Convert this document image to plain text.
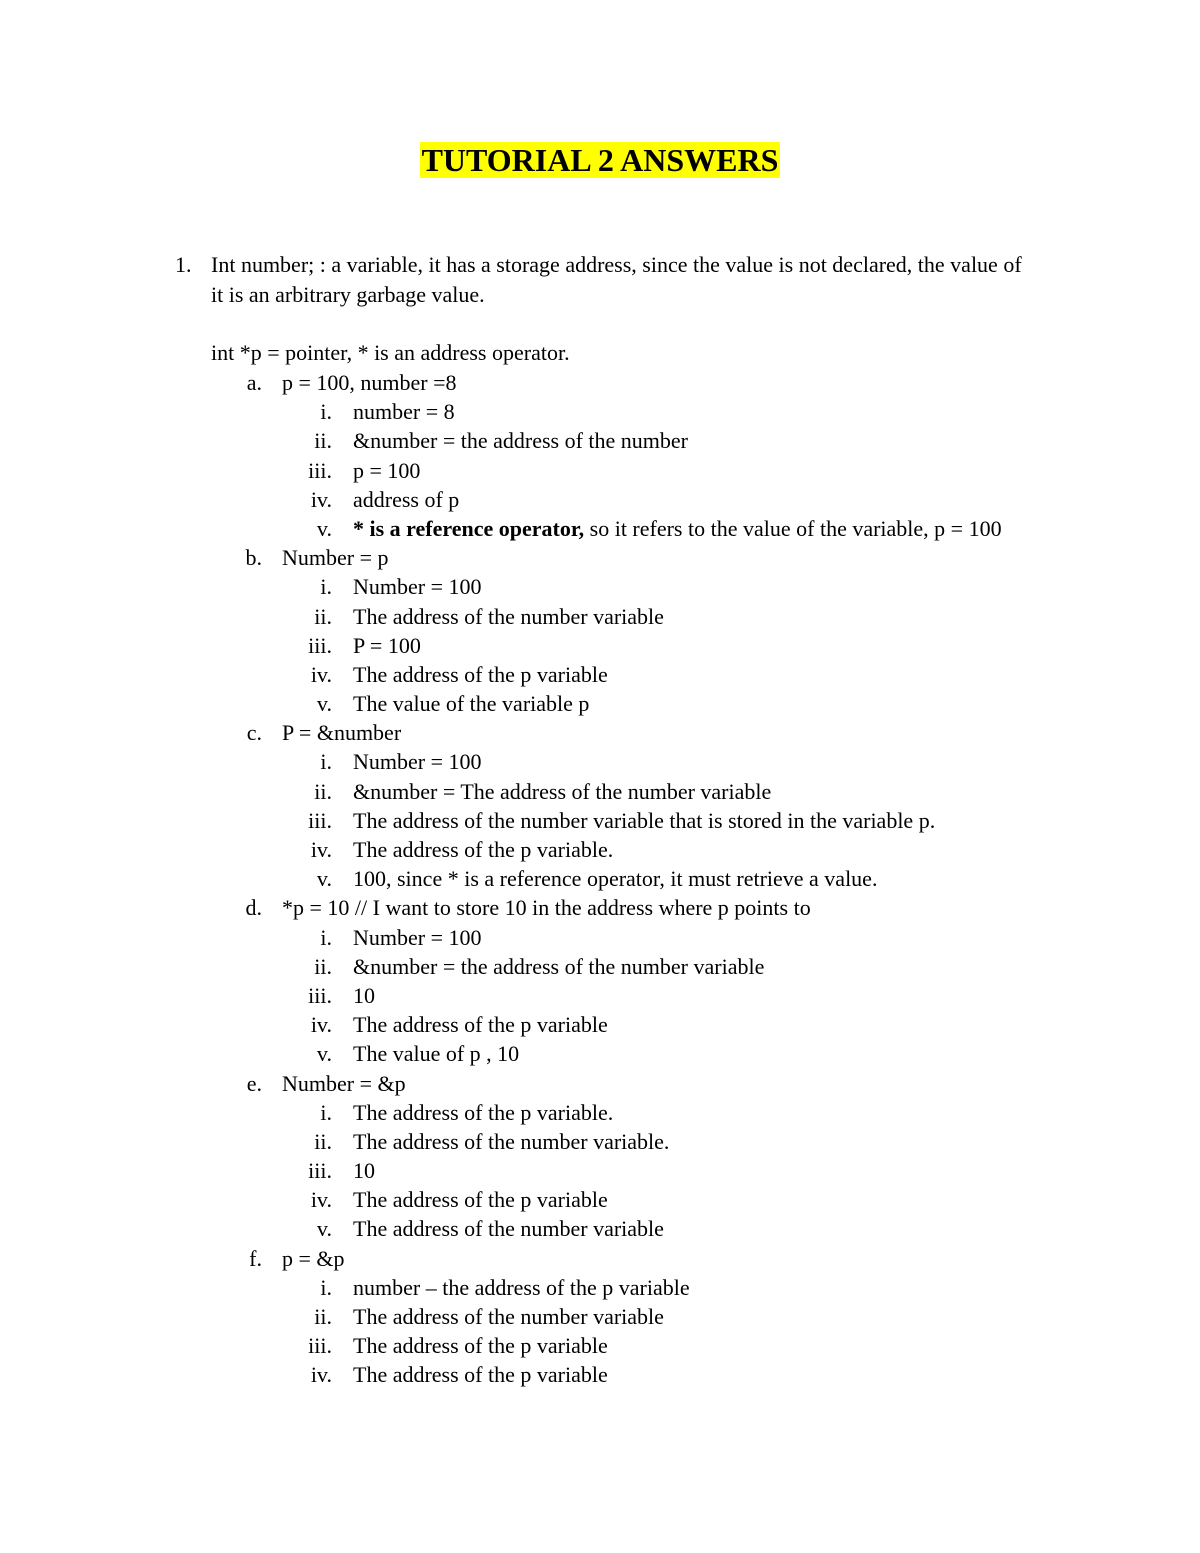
TUTORIAL 2 ANSWERS
1. Int number; : a variable, it has a storage address, since the value is not declared, the value of it is an arbitrary garbage value.
int *p = pointer, * is an address operator.
a. p = 100, number =8
i. number = 8
ii. &number = the address of the number
iii. p = 100
iv. address of p
v. * is a reference operator, so it refers to the value of the variable, p = 100
b. Number = p
i. Number = 100
ii. The address of the number variable
iii. P = 100
iv. The address of the p variable
v. The value of the variable p
c. P = &number
i. Number = 100
ii. &number = The address of the number variable
iii. The address of the number variable that is stored in the variable p.
iv. The address of the p variable.
v. 100, since * is a reference operator, it must retrieve a value.
d. *p = 10 // I want to store 10 in the address where p points to
i. Number = 100
ii. &number = the address of the number variable
iii. 10
iv. The address of the p variable
v. The value of p , 10
e. Number = &p
i. The address of the p variable.
ii. The address of the number variable.
iii. 10
iv. The address of the p variable
v. The address of the number variable
f. p = &p
i. number – the address of the p variable
ii. The address of the number variable
iii. The address of the p variable
iv. The address of the p variable
